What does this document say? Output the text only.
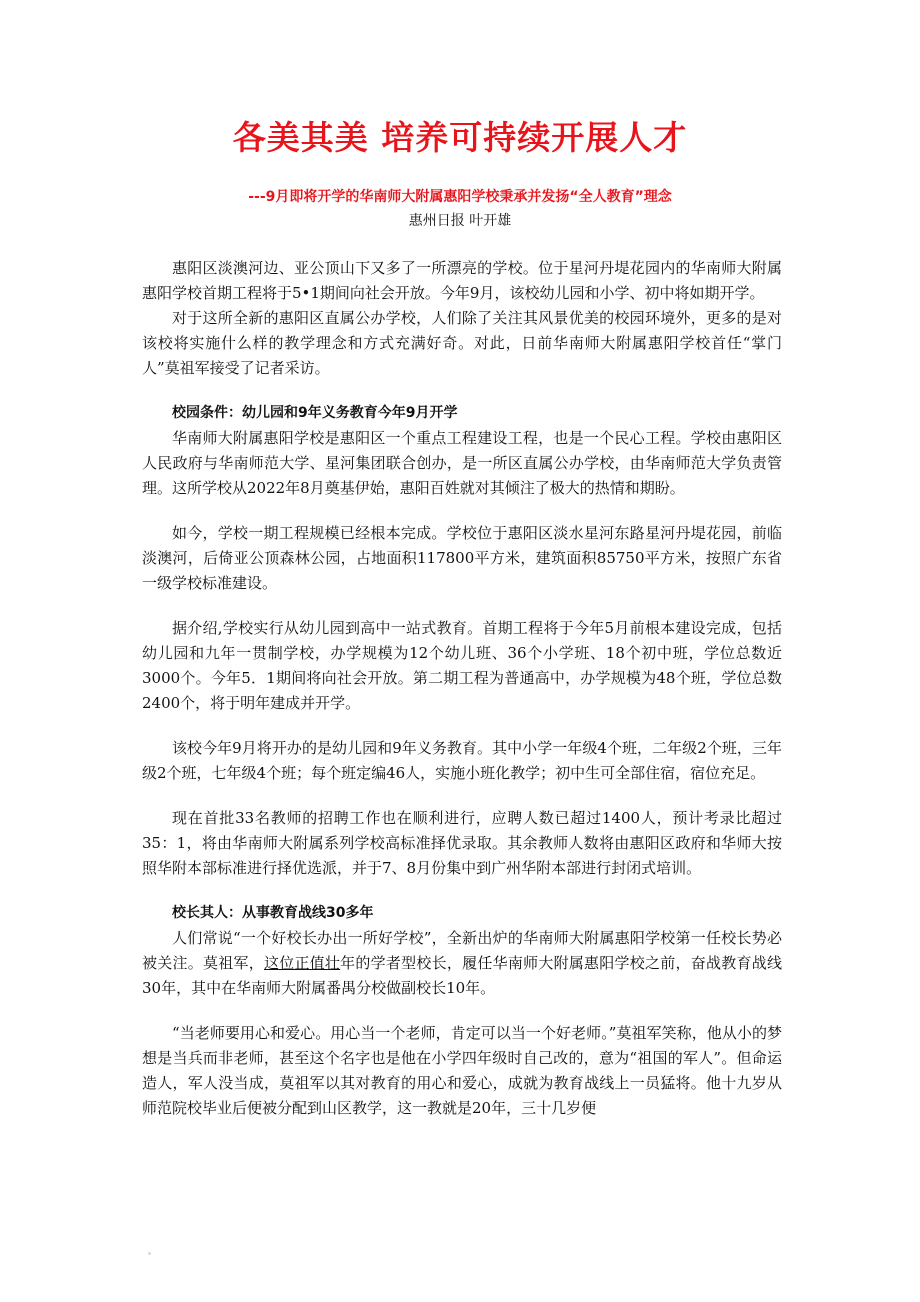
各美其美 培养可持续开展人才
---9月即将开学的华南师大附属惠阳学校秉承并发扬“全人教育”理念
惠州日报 叶开雄

惠阳区淡澳河边、亚公顶山下又多了一所漂亮的学校。位于星河丹堤花园内的华南师大附属惠阳学校首期工程将于5•1期间向社会开放。今年9月，该校幼儿园和小学、初中将如期开学。

对于这所全新的惠阳区直属公办学校，人们除了关注其风景优美的校园环境外，更多的是对该校将实施什么样的教学理念和方式充满好奇。对此，日前华南师大附属惠阳学校首任“掌门人”莫祖军接受了记者采访。

校园条件：幼儿园和9年义务教育今年9月开学

华南师大附属惠阳学校是惠阳区一个重点工程建设工程，也是一个民心工程。学校由惠阳区人民政府与华南师范大学、星河集团联合创办，是一所区直属公办学校，由华南师范大学负责管理。这所学校从2022年8月奠基伊始，惠阳百姓就对其倾注了极大的热情和期盼。

如今，学校一期工程规模已经根本完成。学校位于惠阳区淡水星河东路星河丹堤花园，前临淡澳河，后倚亚公顶森林公园，占地面积117800平方米，建筑面积85750平方米，按照广东省一级学校标准建设。

据介绍,学校实行从幼儿园到高中一站式教育。首期工程将于今年5月前根本建设完成，包括幼儿园和九年一贯制学校，办学规模为12个幼儿班、36个小学班、18个初中班，学位总数近3000个。今年5．1期间将向社会开放。第二期工程为普通高中，办学规模为48个班，学位总数2400个，将于明年建成并开学。

该校今年9月将开办的是幼儿园和9年义务教育。其中小学一年级4个班，二年级2个班，三年级2个班，七年级4个班；每个班定编46人，实施小班化教学；初中生可全部住宿，宿位充足。

现在首批33名教师的招聘工作也在顺利进行，应聘人数已超过1400人，预计考录比超过35：1，将由华南师大附属系列学校高标准择优录取。其余教师人数将由惠阳区政府和华师大按照华附本部标准进行择优选派，并于7、8月份集中到广州华附本部进行封闭式培训。

校长其人：从事教育战线30多年

人们常说“一个好校长办出一所好学校”，全新出炉的华南师大附属惠阳学校第一任校长势必被关注。莫祖军，这位正值壮年的学者型校长，履任华南师大附属惠阳学校之前，奋战教育战线30年，其中在华南师大附属番禺分校做副校长10年。

“当老师要用心和爱心。用心当一个老师，肯定可以当一个好老师。”莫祖军笑称，他从小的梦想是当兵而非老师，甚至这个名字也是他在小学四年级时自己改的，意为“祖国的军人”。但命运造人，军人没当成，莫祖军以其对教育的用心和爱心，成就为教育战线上一员猛将。他十九岁从师范院校毕业后便被分配到山区教学，这一教就是20年，三十几岁便
